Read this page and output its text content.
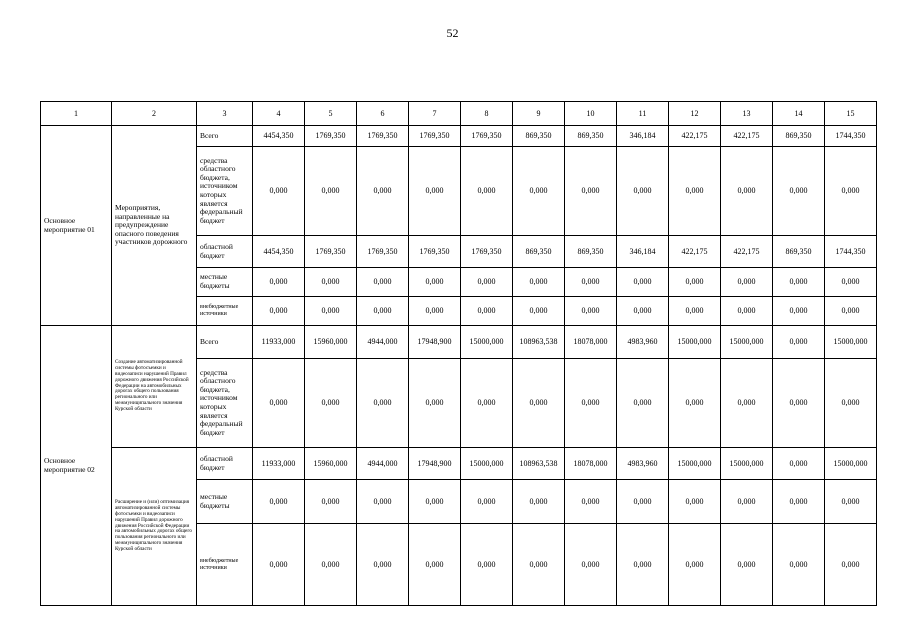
52
1	2	3	4	5	6	7	8	9	10	11	12	13	14	15
Основное мероприятие 01	Мероприятия, направленные на предупреждение опасного поведения участников дорожного	Всего	4454,350	1769,350	1769,350	1769,350	1769,350	869,350	869,350	346,184	422,175	422,175	869,350	1744,350
		средства областного бюджета, источником которых является федеральный бюджет	0,000	0,000	0,000	0,000	0,000	0,000	0,000	0,000	0,000	0,000	0,000	0,000
		областной бюджет	4454,350	1769,350	1769,350	1769,350	1769,350	869,350	869,350	346,184	422,175	422,175	869,350	1744,350
		местные бюджеты	0,000	0,000	0,000	0,000	0,000	0,000	0,000	0,000	0,000	0,000	0,000	0,000
		внебюджетные источники	0,000	0,000	0,000	0,000	0,000	0,000	0,000	0,000	0,000	0,000	0,000	0,000
Основное мероприятие 02	Создание автоматизированной системы фотосъемки и видеозаписи нарушений Правил дорожного движения Российской Федерации на автомобильных дорогах общего пользования регионального или межмуниципального значения Курской области	Всего	11933,000	15960,000	4944,000	17948,900	15000,000	108963,538	18078,000	4983,960	15000,000	15000,000	0,000	15000,000
		средства областного бюджета, источником которых является федеральный бюджет	0,000	0,000	0,000	0,000	0,000	0,000	0,000	0,000	0,000	0,000	0,000	0,000
	Расширение и (или) оптимизация автоматизированной системы фотосъемки и видеозаписи нарушений Правил дорожного движения Российской Федерации на автомобильных дорогах общего пользования регионального или межмуниципального значения Курской области	областной бюджет	11933,000	15960,000	4944,000	17948,900	15000,000	108963,538	18078,000	4983,960	15000,000	15000,000	0,000	15000,000
		местные бюджеты	0,000	0,000	0,000	0,000	0,000	0,000	0,000	0,000	0,000	0,000	0,000	0,000
		внебюджетные источники	0,000	0,000	0,000	0,000	0,000	0,000	0,000	0,000	0,000	0,000	0,000	0,000
